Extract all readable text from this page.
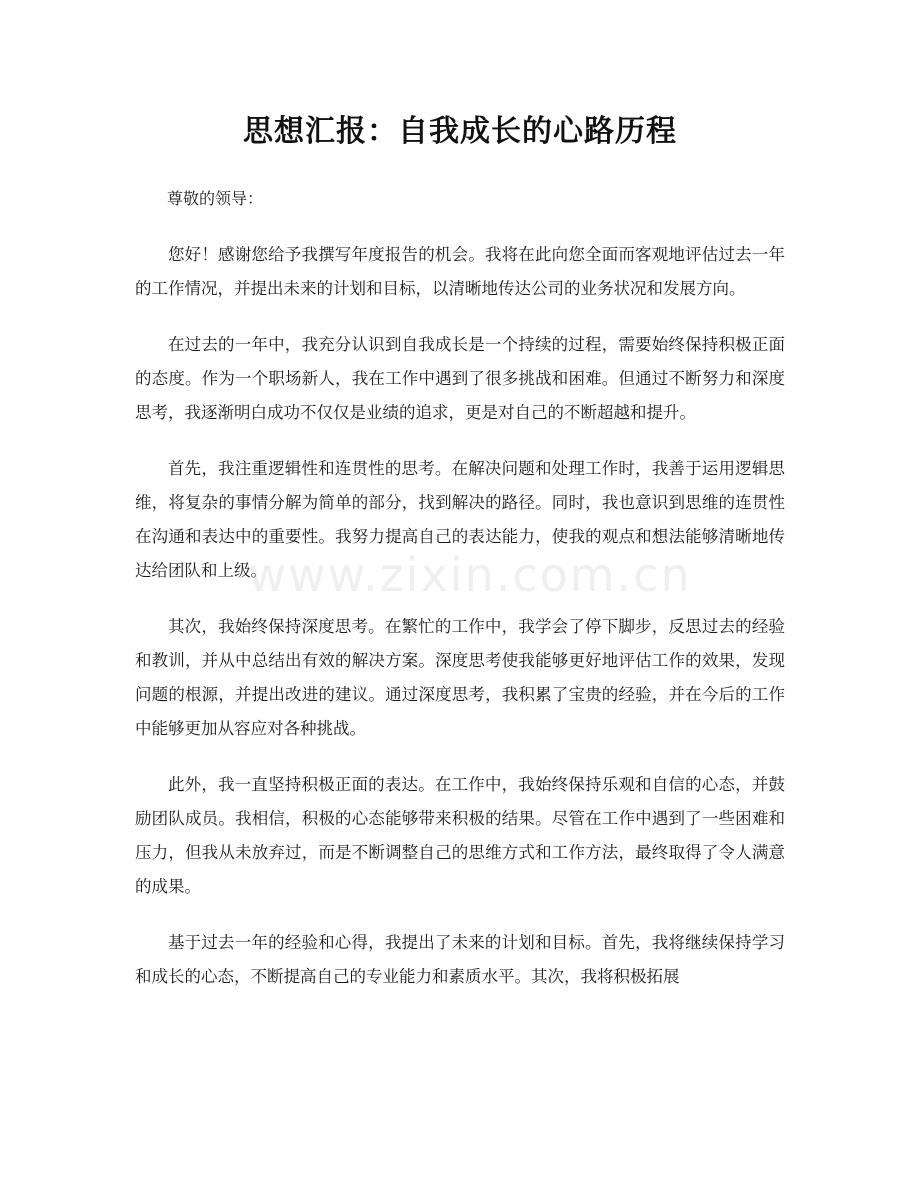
思想汇报：自我成长的心路历程

尊敬的领导：

您好！感谢您给予我撰写年度报告的机会。我将在此向您全面而客观地评估过去一年的工作情况，并提出未来的计划和目标，以清晰地传达公司的业务状况和发展方向。

在过去的一年中，我充分认识到自我成长是一个持续的过程，需要始终保持积极正面的态度。作为一个职场新人，我在工作中遇到了很多挑战和困难。但通过不断努力和深度思考，我逐渐明白成功不仅仅是业绩的追求，更是对自己的不断超越和提升。

首先，我注重逻辑性和连贯性的思考。在解决问题和处理工作时，我善于运用逻辑思维，将复杂的事情分解为简单的部分，找到解决的路径。同时，我也意识到思维的连贯性在沟通和表达中的重要性。我努力提高自己的表达能力，使我的观点和想法能够清晰地传达给团队和上级。

其次，我始终保持深度思考。在繁忙的工作中，我学会了停下脚步，反思过去的经验和教训，并从中总结出有效的解决方案。深度思考使我能够更好地评估工作的效果，发现问题的根源，并提出改进的建议。通过深度思考，我积累了宝贵的经验，并在今后的工作中能够更加从容应对各种挑战。

此外，我一直坚持积极正面的表达。在工作中，我始终保持乐观和自信的心态，并鼓励团队成员。我相信，积极的心态能够带来积极的结果。尽管在工作中遇到了一些困难和压力，但我从未放弃过，而是不断调整自己的思维方式和工作方法，最终取得了令人满意的成果。

基于过去一年的经验和心得，我提出了未来的计划和目标。首先，我将继续保持学习和成长的心态，不断提高自己的专业能力和素质水平。其次，我将积极拓展

www.zixin.com.cn
